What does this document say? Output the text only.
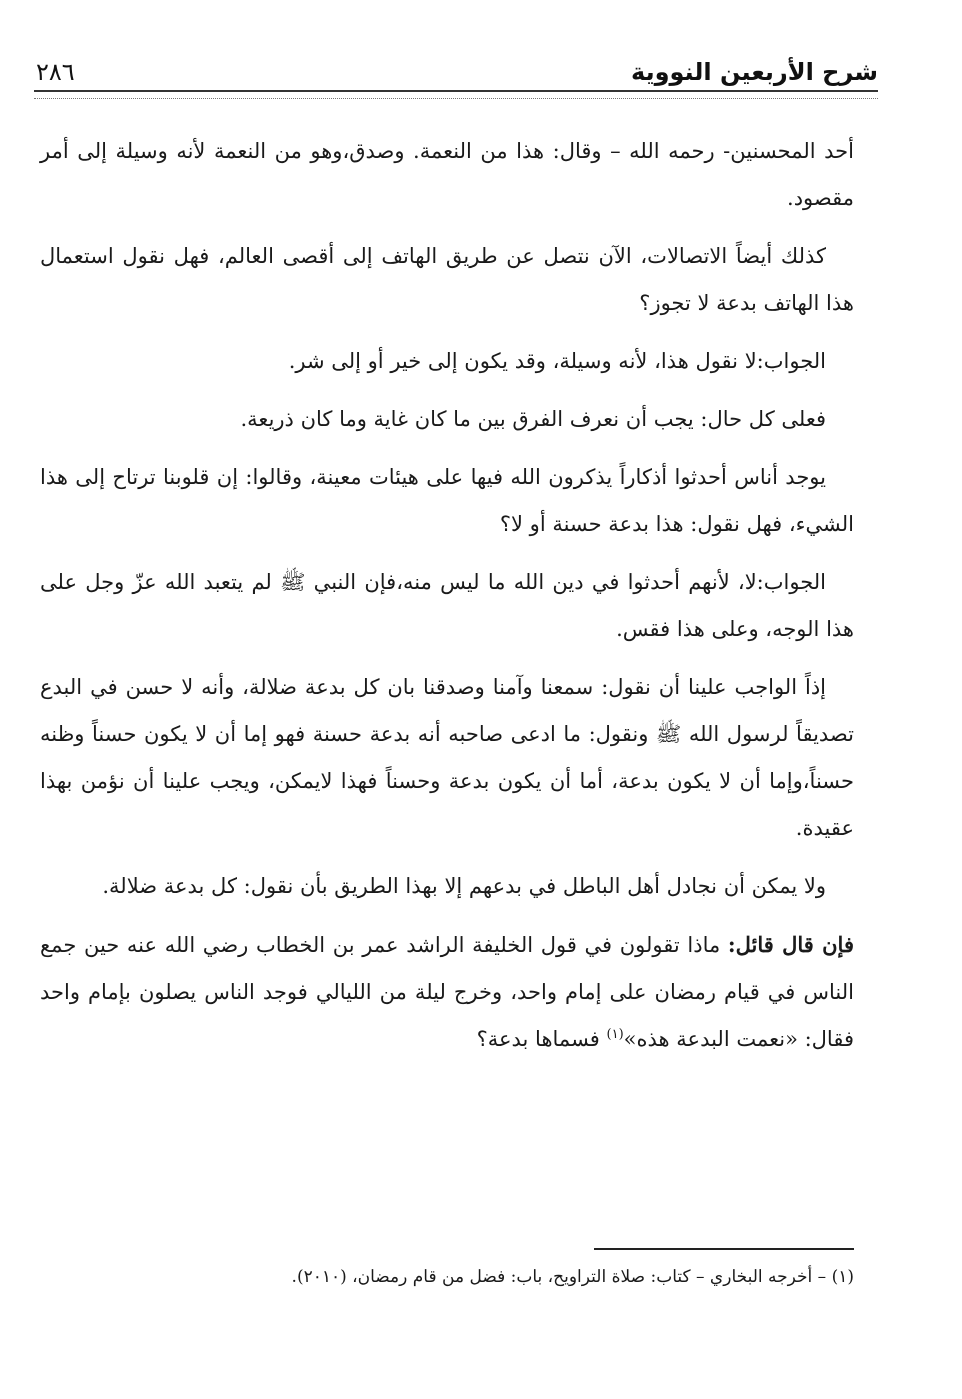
شرح الأربعين النووية
٢٨٦

أحد المحسنين- رحمه الله – وقال: هذا من النعمة. وصدق،وهو من النعمة لأنه وسيلة إلى أمر مقصود.

كذلك أيضاً الاتصالات، الآن نتصل عن طريق الهاتف إلى أقصى العالم، فهل نقول استعمال هذا الهاتف بدعة لا تجوز؟

الجواب:لا نقول هذا، لأنه وسيلة، وقد يكون إلى خير أو إلى شر.

فعلى كل حال: يجب أن نعرف الفرق بين ما كان غاية وما كان ذريعة.

يوجد أناس أحدثوا أذكاراً يذكرون الله فيها على هيئات معينة، وقالوا: إن قلوبنا ترتاح إلى هذا الشيء، فهل نقول: هذا بدعة حسنة أو لا؟

الجواب:لا، لأنهم أحدثوا في دين الله ما ليس منه،فإن النبي ﷺ لم يتعبد الله عزّ وجل على هذا الوجه، وعلى هذا فقس.

إذاً الواجب علينا أن نقول: سمعنا وآمنا وصدقنا بان كل بدعة ضلالة، وأنه لا حسن في البدع تصديقاً لرسول الله ﷺ ونقول: ما ادعى صاحبه أنه بدعة حسنة فهو إما أن لا يكون حسناً وظنه حسناً،وإما أن لا يكون بدعة، أما أن يكون بدعة وحسناً فهذا لايمكن، ويجب علينا أن نؤمن بهذا عقيدة.

ولا يمكن أن نجادل أهل الباطل في بدعهم إلا بهذا الطريق بأن نقول: كل بدعة ضلالة.

فإن قال قائل: ماذا تقولون في قول الخليفة الراشد عمر بن الخطاب رضي الله عنه حين جمع الناس في قيام رمضان على إمام واحد، وخرج ليلة من الليالي فوجد الناس يصلون بإمام واحد فقال: «نعمت البدعة هذه»$^{(١)}$ فسماها بدعة؟

(١) – أخرجه البخاري – كتاب: صلاة التراويح، باب: فضل من قام رمضان، (٢٠١٠).
